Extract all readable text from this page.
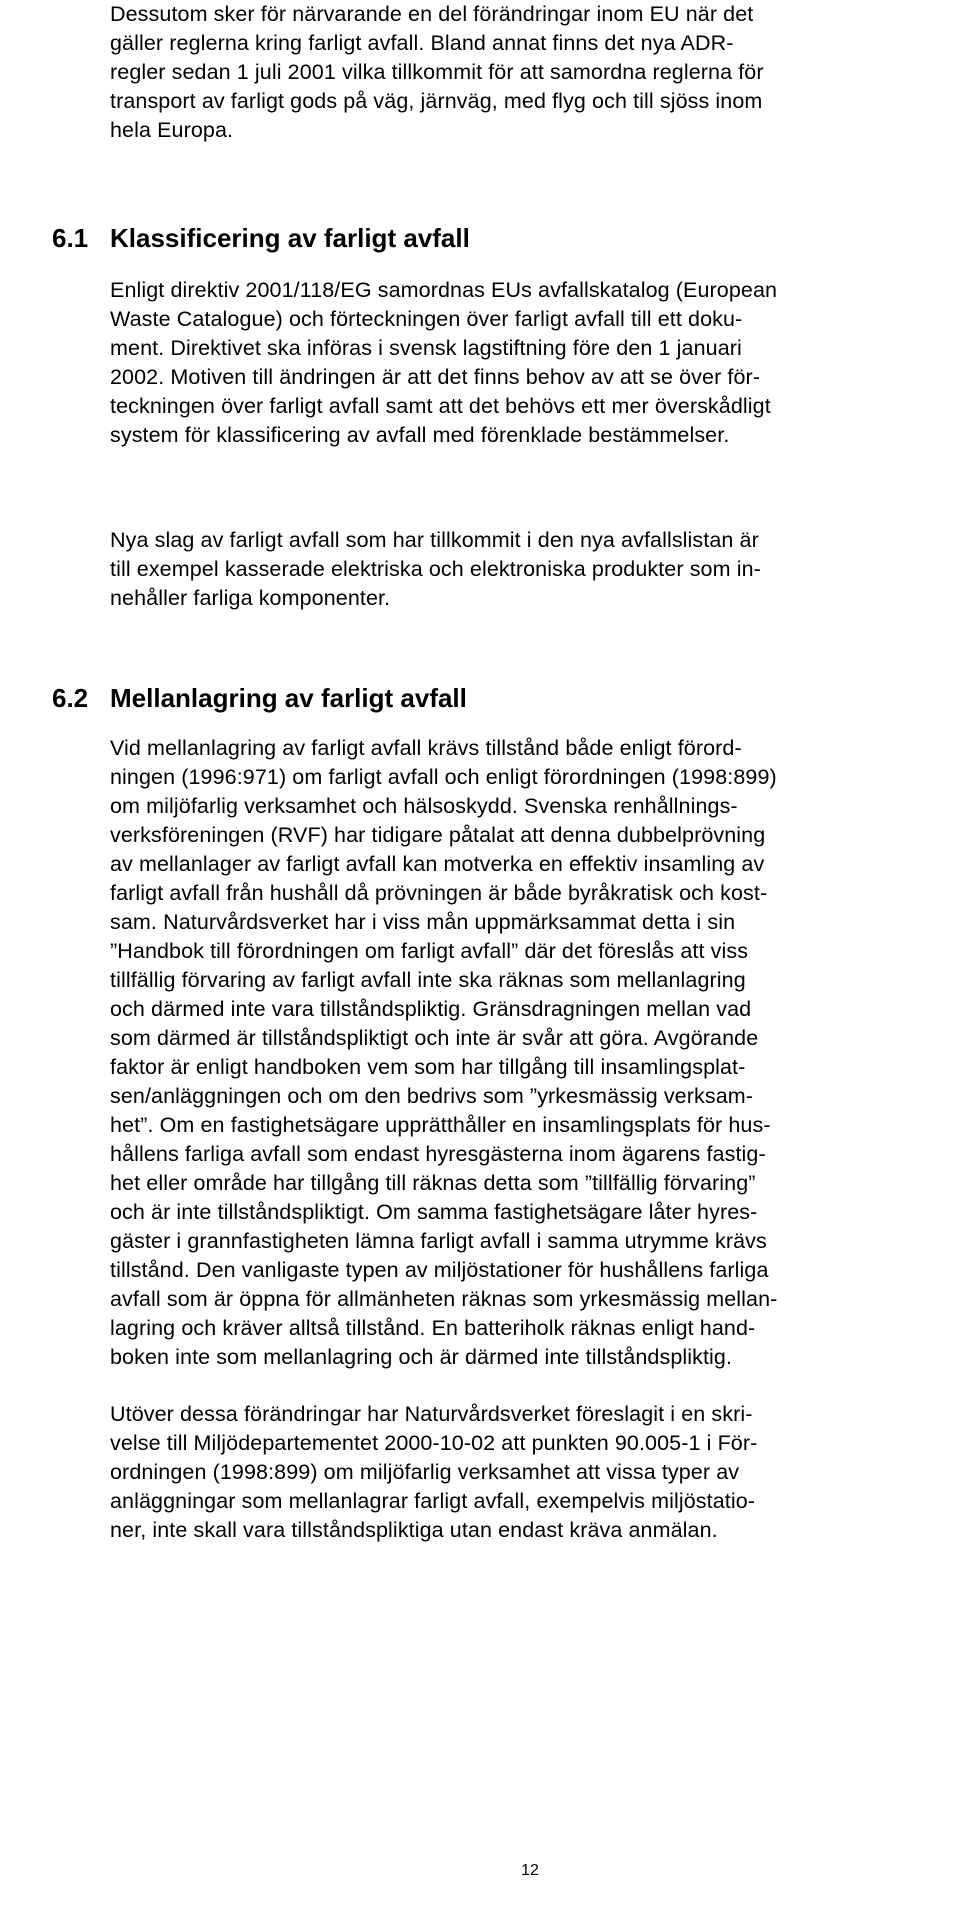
Dessutom sker för närvarande en del förändringar inom EU när det
gäller reglerna kring farligt avfall. Bland annat finns det nya ADR-
regler sedan 1 juli 2001 vilka tillkommit för att samordna reglerna för
transport av farligt gods på väg, järnväg, med flyg och till sjöss inom
hela Europa.

6.1 Klassificering av farligt avfall

Enligt direktiv 2001/118/EG samordnas EUs avfallskatalog (European
Waste Catalogue) och förteckningen över farligt avfall till ett doku-
ment. Direktivet ska införas i svensk lagstiftning före den 1 januari
2002. Motiven till ändringen är att det finns behov av att se över för-
teckningen över farligt avfall samt att det behövs ett mer överskådligt
system för klassificering av avfall med förenklade bestämmelser.

Nya slag av farligt avfall som har tillkommit i den nya avfallslistan är
till exempel kasserade elektriska och elektroniska produkter som in-
nehåller farliga komponenter.

6.2 Mellanlagring av farligt avfall

Vid mellanlagring av farligt avfall krävs tillstånd både enligt förord-
ningen (1996:971) om farligt avfall och enligt förordningen (1998:899)
om miljöfarlig verksamhet och hälsoskydd. Svenska renhållnings-
verksföreningen (RVF) har tidigare påtalat att denna dubbelprövning
av mellanlager av farligt avfall kan motverka en effektiv insamling av
farligt avfall från hushåll då prövningen är både byråkratisk och kost-
sam. Naturvårdsverket har i viss mån uppmärksammat detta i sin
”Handbok till förordningen om farligt avfall” där det föreslås att viss
tillfällig förvaring av farligt avfall inte ska räknas som mellanlagring
och därmed inte vara tillståndspliktig. Gränsdragningen mellan vad
som därmed är tillståndspliktigt och inte är svår att göra. Avgörande
faktor är enligt handboken vem som har tillgång till insamlingsplat-
sen/anläggningen och om den bedrivs som ”yrkesmässig verksam-
het”. Om en fastighetsägare upprätthåller en insamlingsplats för hus-
hållens farliga avfall som endast hyresgästerna inom ägarens fastig-
het eller område har tillgång till räknas detta som ”tillfällig förvaring”
och är inte tillståndspliktigt. Om samma fastighetsägare låter hyres-
gäster i grannfastigheten lämna farligt avfall i samma utrymme krävs
tillstånd. Den vanligaste typen av miljöstationer för hushållens farliga
avfall som är öppna för allmänheten räknas som yrkesmässig mellan-
lagring och kräver alltså tillstånd. En batteriholk räknas enligt hand-
boken inte som mellanlagring och är därmed inte tillståndspliktig.

Utöver dessa förändringar har Naturvårdsverket föreslagit i en skri-
velse till Miljödepartementet 2000-10-02 att punkten 90.005-1 i För-
ordningen (1998:899) om miljöfarlig verksamhet att vissa typer av
anläggningar som mellanlagrar farligt avfall, exempelvis miljöstatio-
ner, inte skall vara tillståndspliktiga utan endast kräva anmälan.

12
